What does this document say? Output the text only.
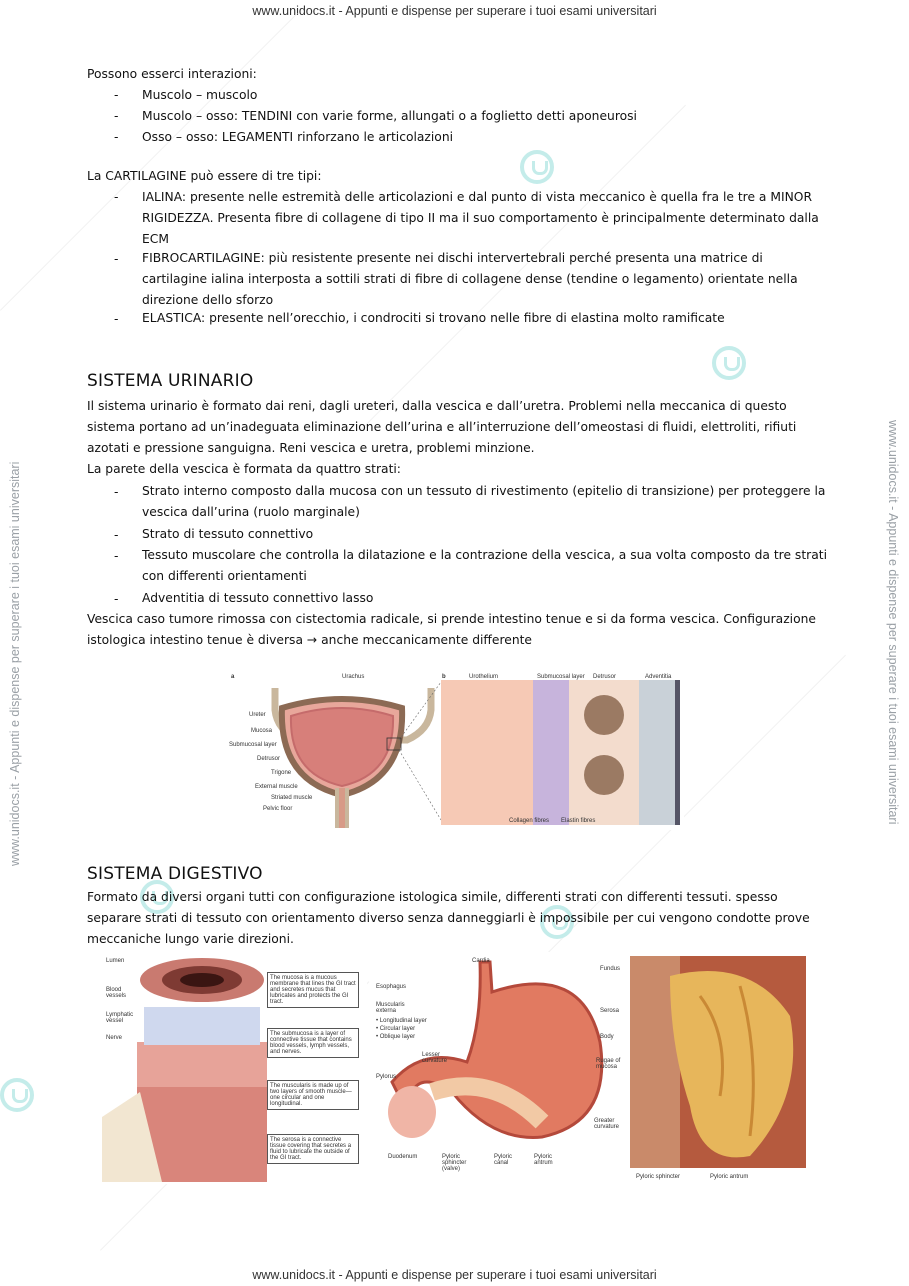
www.unidocs.it - Appunti e dispense per superare i tuoi esami universitari
www.unidocs.it - Appunti e dispense per superare i tuoi esami universitari
www.unidocs.it - Appunti e dispense per superare i tuoi esami universitari	www.unidocs.it - Appunti e dispense per superare i tuoi esami universitari
Possono esserci interazioni:
- Muscolo – muscolo
- Muscolo – osso: TENDINI con varie forme, allungati o a foglietto detti aponeurosi
- Osso – osso: LEGAMENTI rinforzano le articolazioni
La CARTILAGINE può essere di tre tipi:
- IALINA: presente nelle estremità delle articolazioni e dal punto di vista meccanico è quella fra le tre a MINOR RIGIDEZZA. Presenta fibre di collagene di tipo II ma il suo comportamento è principalmente determinato dalla ECM
- FIBROCARTILAGINE: più resistente presente nei dischi intervertebrali perché presenta una matrice di cartilagine ialina interposta a sottili strati di fibre di collagene dense (tendine o legamento) orientate nella direzione dello sforzo
- ELASTICA: presente nell’orecchio, i condrociti si trovano nelle fibre di elastina molto ramificate
SISTEMA URINARIO
Il sistema urinario è formato dai reni, dagli ureteri, dalla vescica e dall’uretra. Problemi nella meccanica di questo sistema portano ad un’inadeguata eliminazione dell’urina e all’interruzione dell’omeostasi di fluidi, elettroliti, rifiuti azotati e pressione sanguigna. Reni vescica e uretra, problemi minzione.
La parete della vescica è formata da quattro strati:
- Strato interno composto dalla mucosa con un tessuto di rivestimento (epitelio di transizione) per proteggere la vescica dall’urina (ruolo marginale)
- Strato di tessuto connettivo
- Tessuto muscolare che controlla la dilatazione e la contrazione della vescica, a sua volta composto da tre strati con differenti orientamenti
- Adventitia di tessuto connettivo lasso
Vescica caso tumore rimossa con cistectomia radicale, si prende intestino tenue e si da forma vescica. Configurazione istologica intestino tenue è diversa → anche meccanicamente differente
a	b
Urachus
Ureter
Mucosa
Submucosal layer
Detrusor
Trigone
External muscle
Striated muscle
Pelvic floor
Urothelium	Submucosal layer Detrusor	Adventitia
Collagen fibres Elastin fibres
SISTEMA DIGESTIVO
Formato da diversi organi tutti con configurazione istologica simile, differenti strati con differenti tessuti. spesso separare strati di tessuto con orientamento diverso senza danneggiarli è impossibile per cui vengono condotte prove meccaniche lungo varie direzioni.
Lumen
Blood vessels
Lymphatic vessel
Nerve
The mucosa is a mucous membrane that lines the GI tract and secretes mucus that lubricates and protects the GI tract.
The submucosa is a layer of connective tissue that contains blood vessels, lymph vessels, and nerves.
The muscularis is made up of two layers of smooth muscle—one circular and one longitudinal.
The serosa is a connective tissue covering that secretes a fluid to lubricate the outside of the GI tract.
Cardia
Fundus
Esophagus
Muscularis externa
• Longitudinal layer
• Circular layer
• Oblique layer
Serosa
Body
Lesser curvature	Rugae of mucosa
Pylorus
Greater curvature
Duodenum	Pyloric sphincter (valve)
Pyloric canal
Pyloric antrum
Pyloric sphincter	Pyloric antrum
